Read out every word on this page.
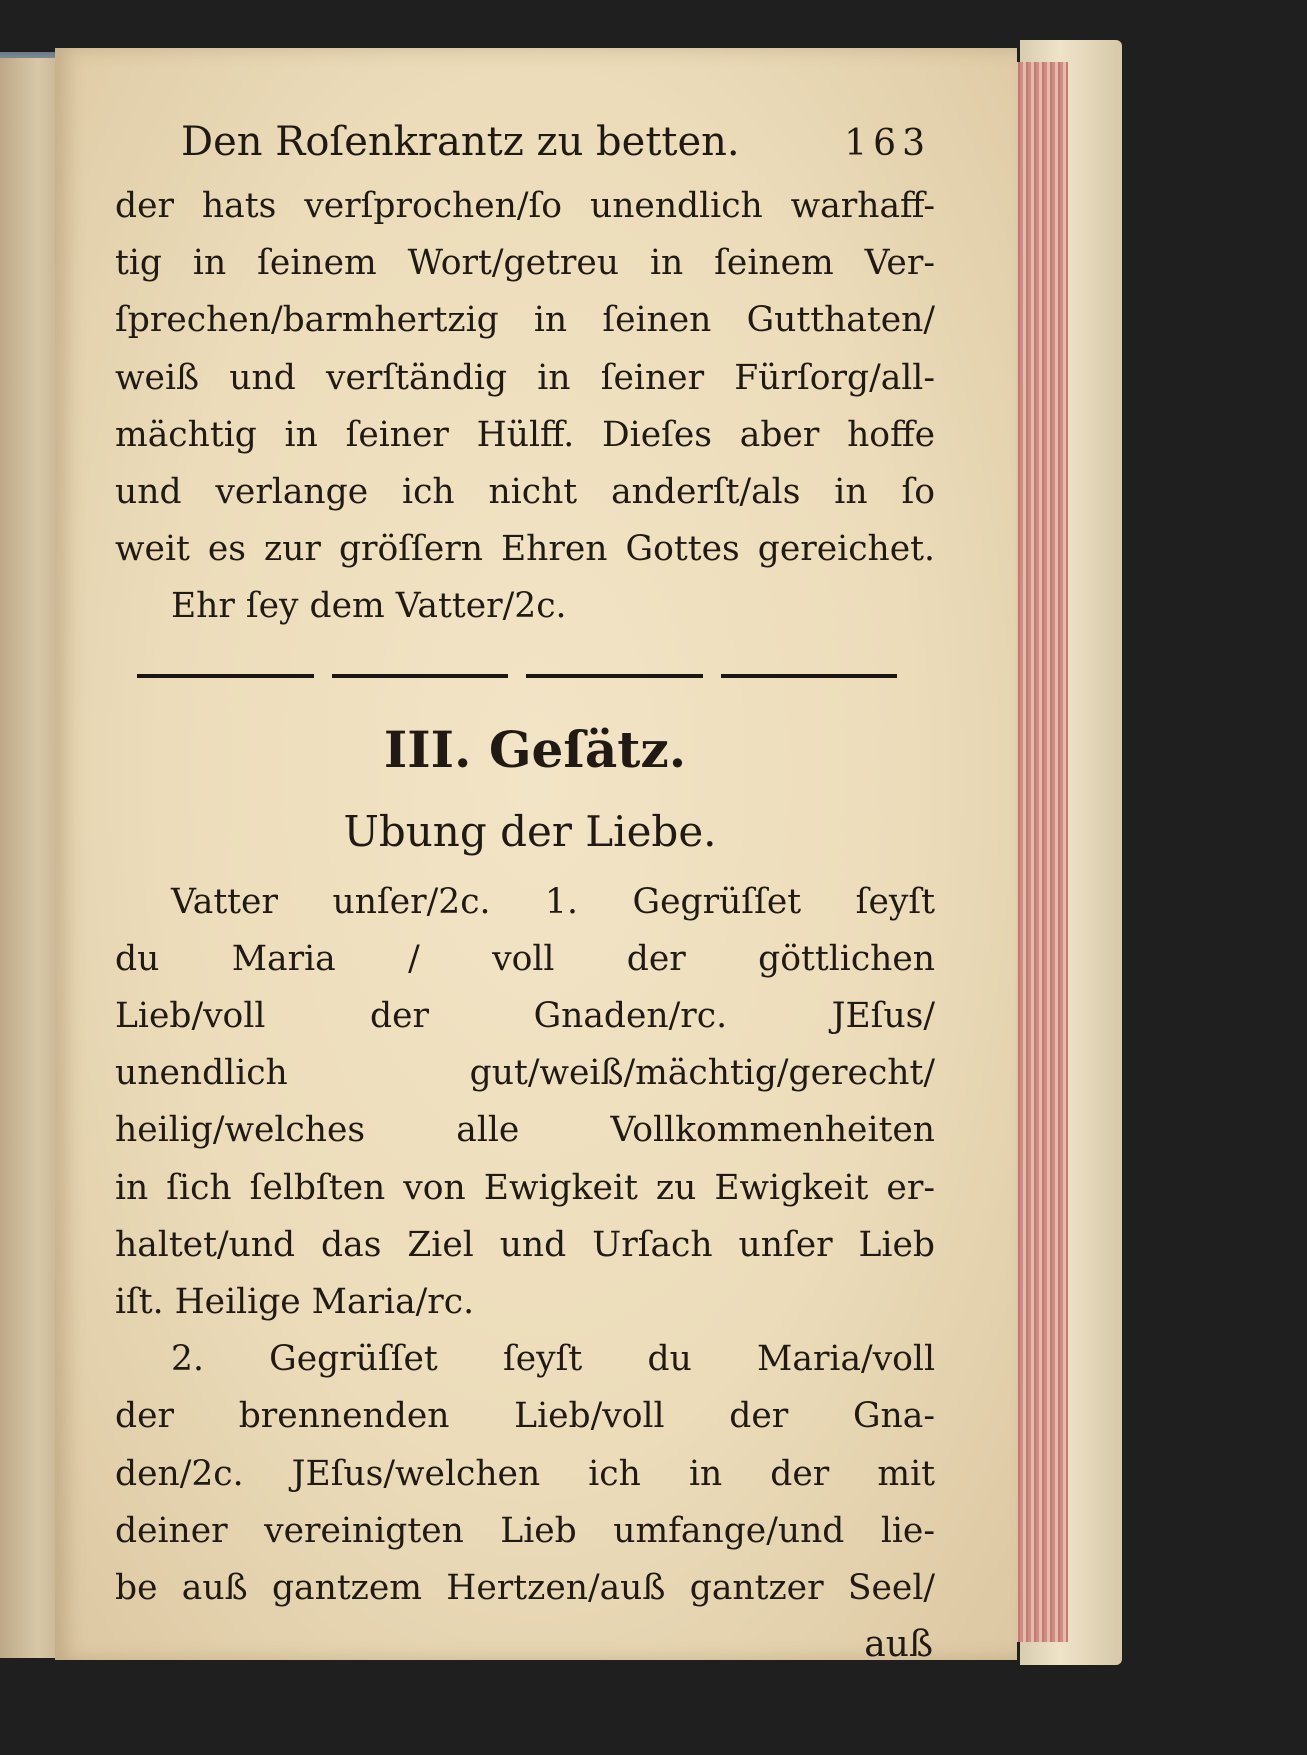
Den Roſenkrantz zu betten.	163
der hats verſprochen/ſo unendlich warhaff-
tig in ſeinem Wort/getreu in ſeinem Ver-
ſprechen/barmhertzig in ſeinen Gutthaten/
weiß und verſtändig in ſeiner Fürſorg/all-
mächtig in ſeiner Hülff. Dieſes aber hoffe
und verlange ich nicht anderſt/als in ſo
weit es zur gröſſern Ehren Gottes gereichet.
Ehr ſey dem Vatter/2c.
III. Geſätz.
Ubung der Liebe.
Vatter unſer/2c. 1. Gegrüſſet ſeyſt
du Maria / voll der göttlichen
Lieb/voll der Gnaden/rc. JEſus/
unendlich gut/weiß/mächtig/gerecht/
heilig/welches alle Vollkommenheiten
in ſich ſelbſten von Ewigkeit zu Ewigkeit er-
haltet/und das Ziel und Urſach unſer Lieb
iſt. Heilige Maria/rc.
2. Gegrüſſet ſeyſt du Maria/voll
der brennenden Lieb/voll der Gna-
den/2c. JEſus/welchen ich in der mit
deiner vereinigten Lieb umfange/und lie-
be auß gantzem Hertzen/auß gantzer Seel/
auß
